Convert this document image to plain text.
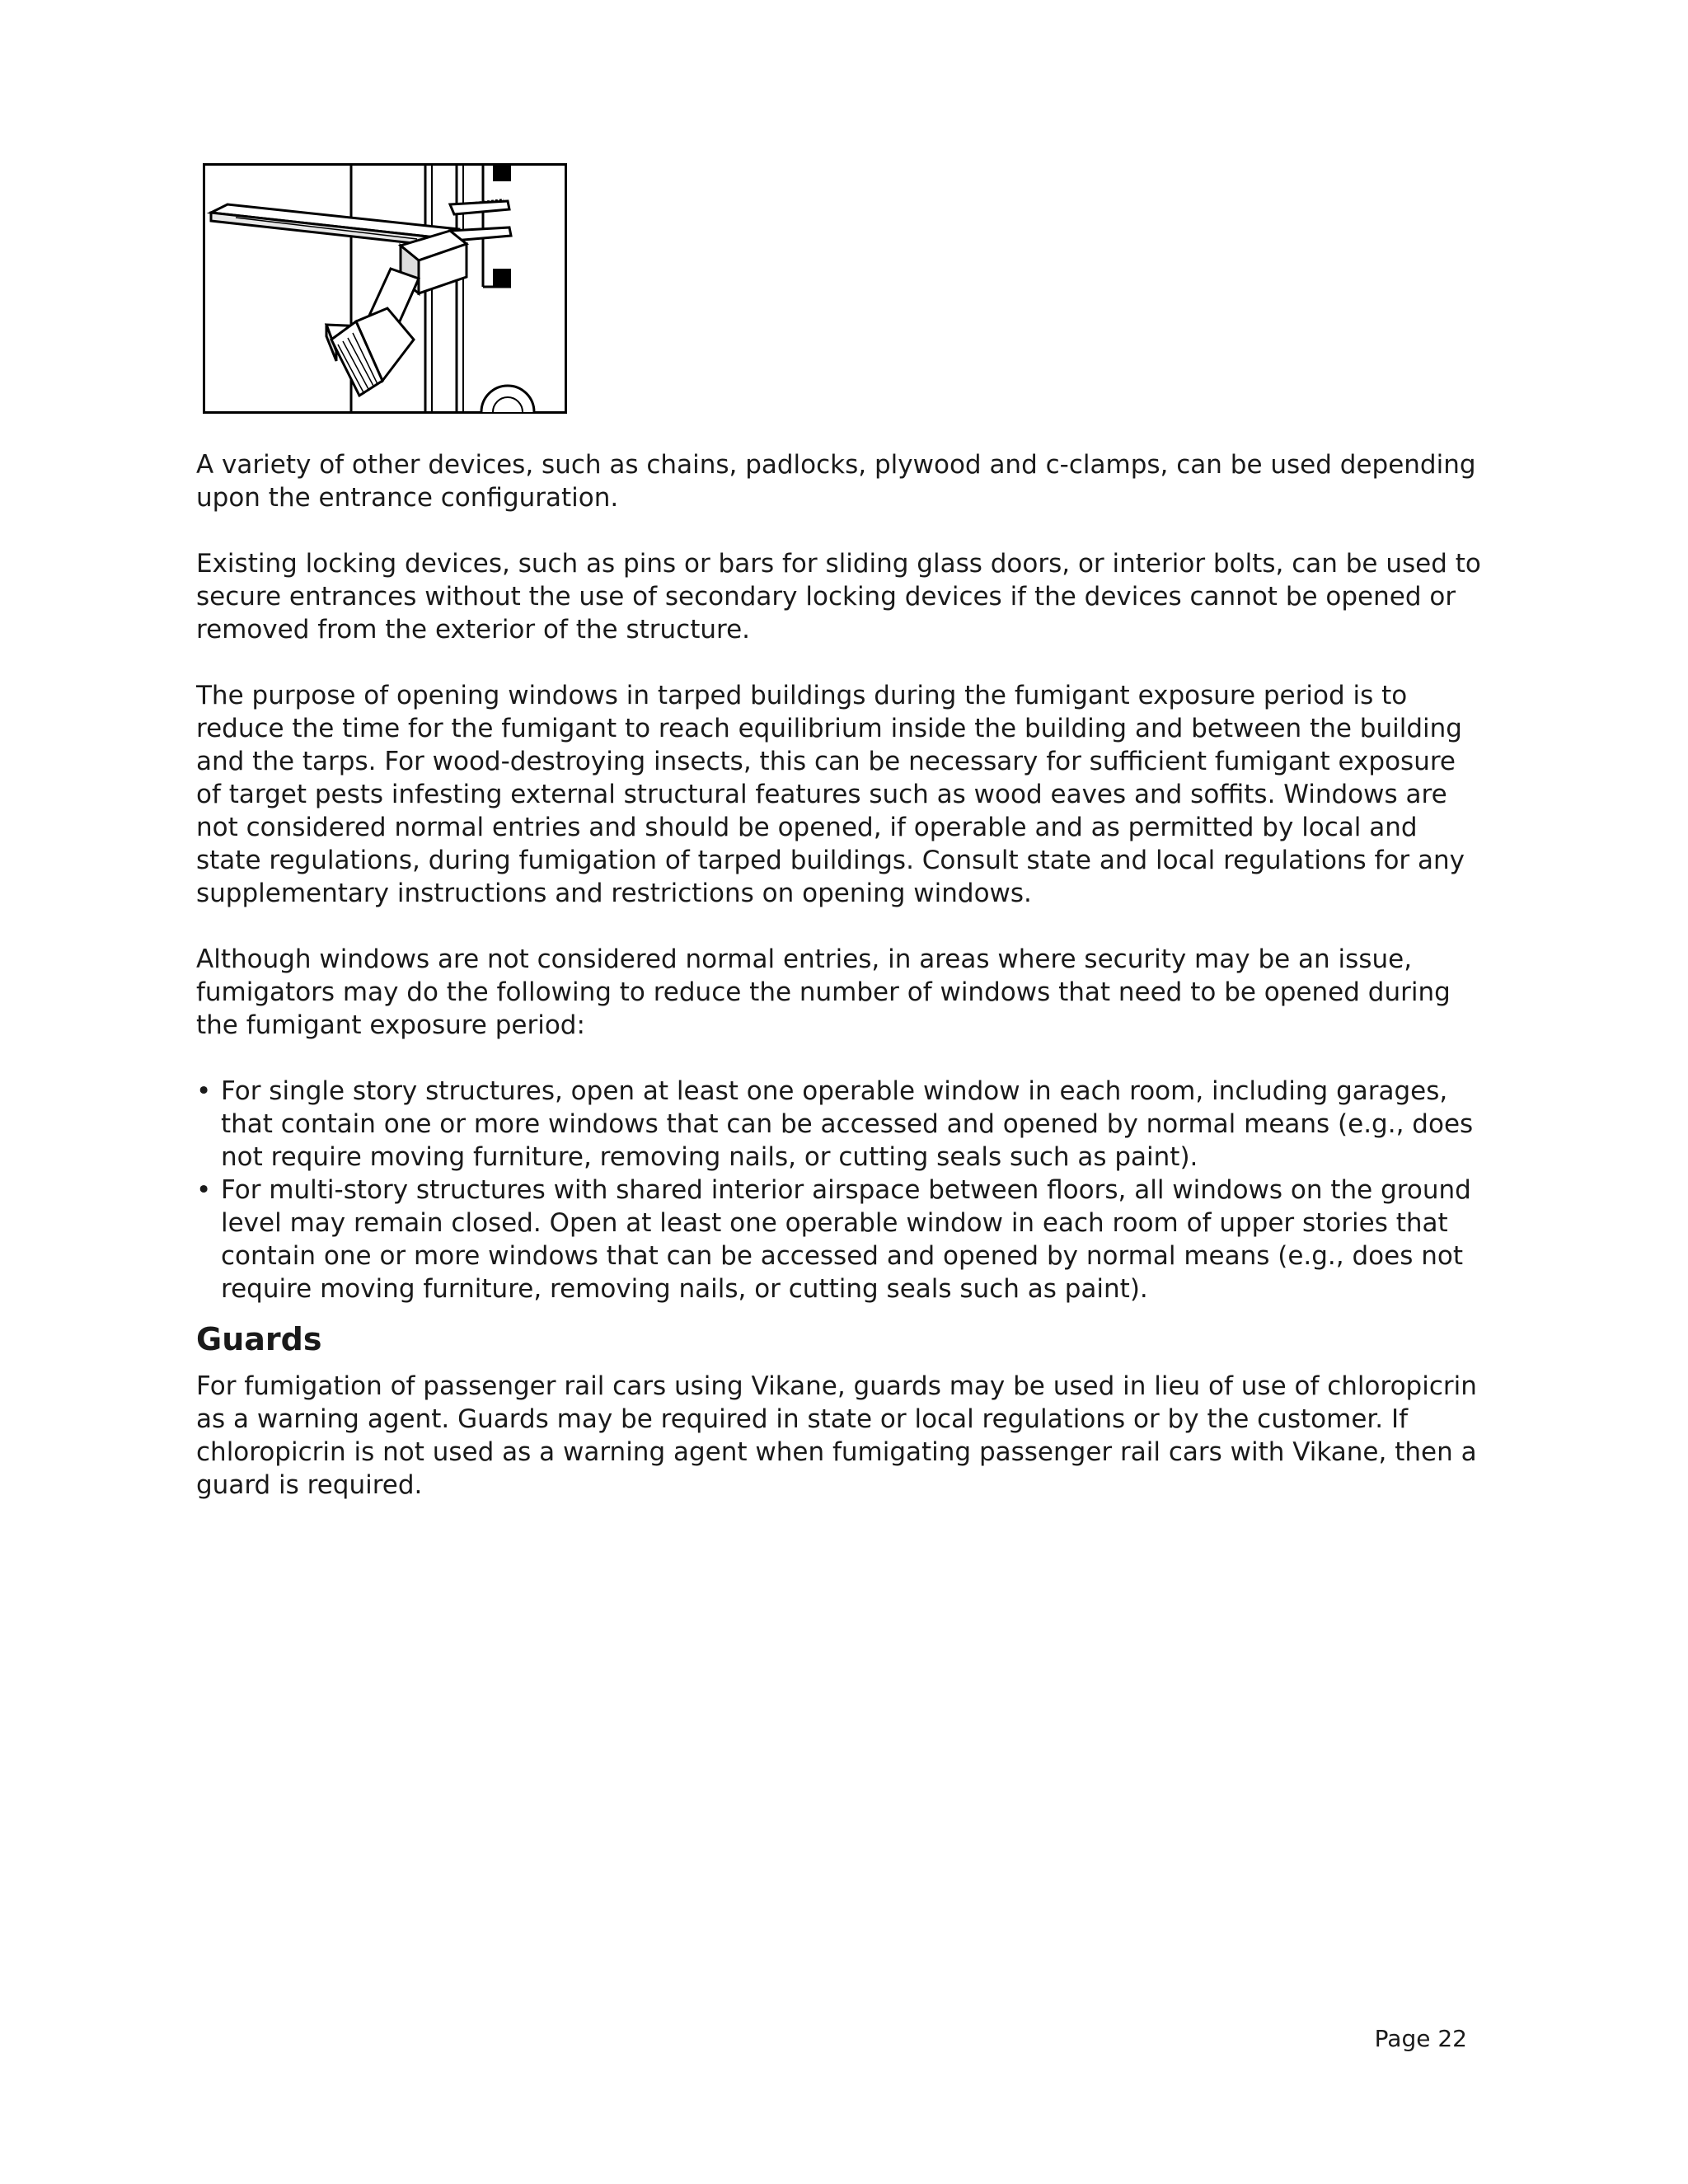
A variety of other devices, such as chains, padlocks, plywood and c-clamps, can be used depending upon the entrance configuration.

Existing locking devices, such as pins or bars for sliding glass doors, or interior bolts, can be used to secure entrances without the use of secondary locking devices if the devices cannot be opened or removed from the exterior of the structure.

The purpose of opening windows in tarped buildings during the fumigant exposure period is to reduce the time for the fumigant to reach equilibrium inside the building and between the building and the tarps. For wood-destroying insects, this can be necessary for sufficient fumigant exposure of target pests infesting external structural features such as wood eaves and soffits. Windows are not considered normal entries and should be opened, if operable and as permitted by local and state regulations, during fumigation of tarped buildings. Consult state and local regulations for any supplementary instructions and restrictions on opening windows.

Although windows are not considered normal entries, in areas where security may be an issue, fumigators may do the following to reduce the number of windows that need to be opened during the fumigant exposure period:

• For single story structures, open at least one operable window in each room, including garages, that contain one or more windows that can be accessed and opened by normal means (e.g., does not require moving furniture, removing nails, or cutting seals such as paint).
• For multi-story structures with shared interior airspace between floors, all windows on the ground level may remain closed. Open at least one operable window in each room of upper stories that contain one or more windows that can be accessed and opened by normal means (e.g., does not require moving furniture, removing nails, or cutting seals such as paint).
Guards

For fumigation of passenger rail cars using Vikane, guards may be used in lieu of use of chloropicrin as a warning agent. Guards may be required in state or local regulations or by the customer. If chloropicrin is not used as a warning agent when fumigating passenger rail cars with Vikane, then a guard is required.

Page 22
